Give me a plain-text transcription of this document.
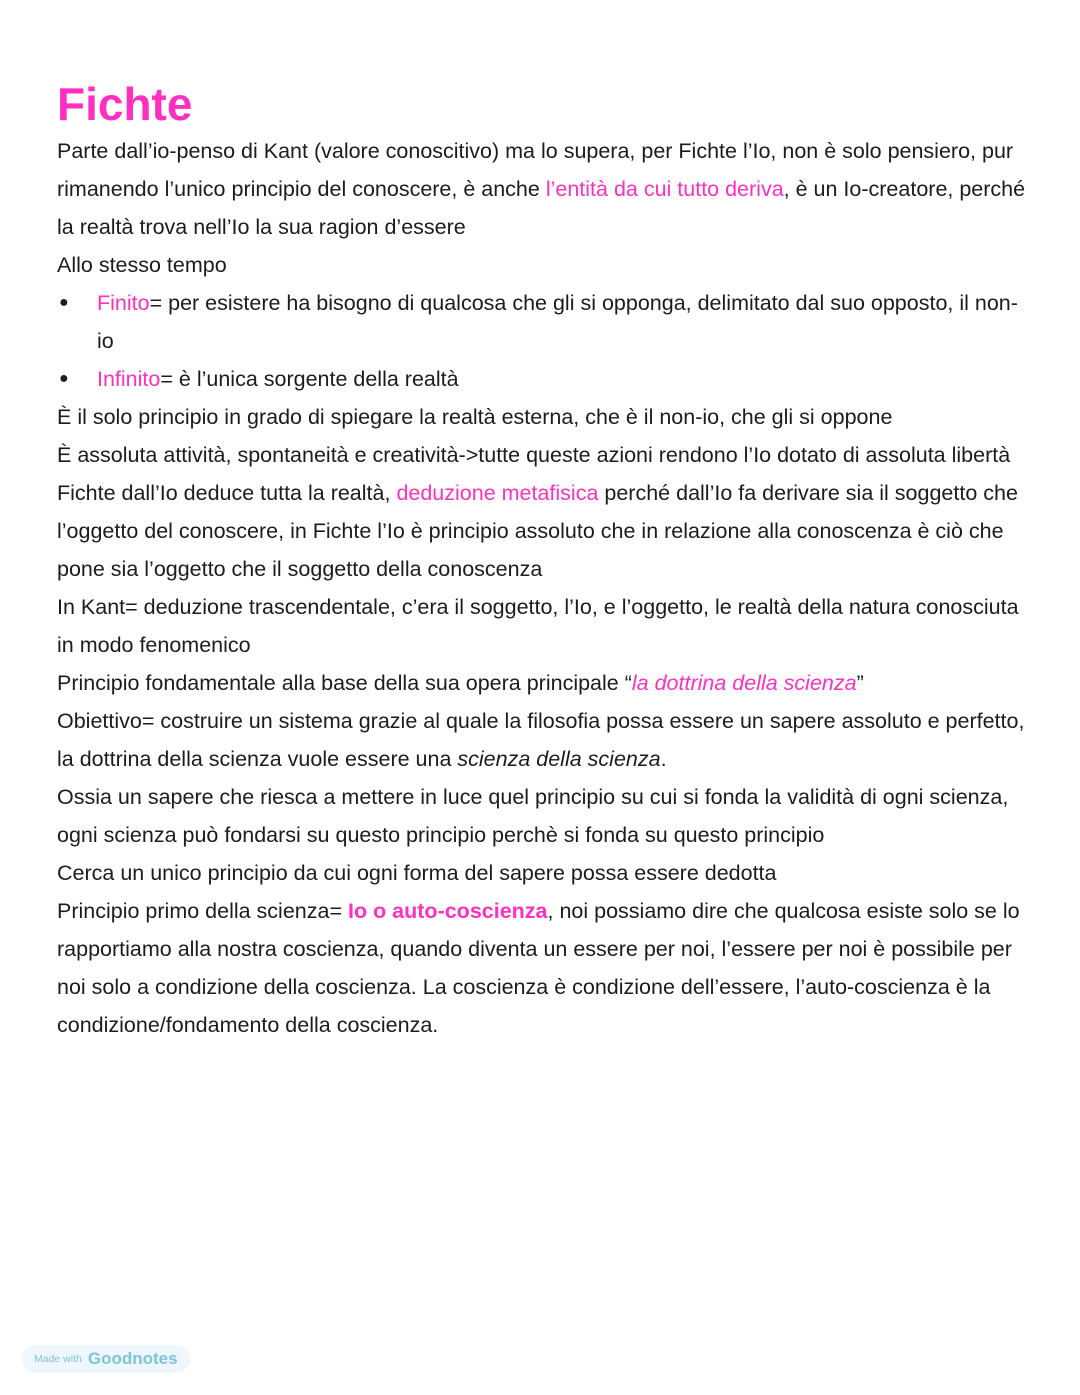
Fichte

Parte dall’io-penso di Kant (valore conoscitivo) ma lo supera, per Fichte l’Io, non è solo pensiero, pur rimanendo l’unico principio del conoscere, è anche l’entità da cui tutto deriva, è un Io-creatore, perché la realtà trova nell’Io la sua ragion d’essere

Allo stesso tempo

● Finito= per esistere ha bisogno di qualcosa che gli si opponga, delimitato dal suo opposto, il non-io
● Infinito= è l’unica sorgente della realtà

È il solo principio in grado di spiegare la realtà esterna, che è il non-io, che gli si oppone

È assoluta attività, spontaneità e creatività->tutte queste azioni rendono l’Io dotato di assoluta libertà

Fichte dall’Io deduce tutta la realtà, deduzione metafisica perché dall’Io fa derivare sia il soggetto che l’oggetto del conoscere, in Fichte l’Io è principio assoluto che in relazione alla conoscenza è ciò che pone sia l’oggetto che il soggetto della conoscenza

In Kant= deduzione trascendentale, c’era il soggetto, l’Io, e l’oggetto, le realtà della natura conosciuta in modo fenomenico

Principio fondamentale alla base della sua opera principale “la dottrina della scienza”

Obiettivo= costruire un sistema grazie al quale la filosofia possa essere un sapere assoluto e perfetto, la dottrina della scienza vuole essere una scienza della scienza.

Ossia un sapere che riesca a mettere in luce quel principio su cui si fonda la validità di ogni scienza, ogni scienza può fondarsi su questo principio perchè si fonda su questo principio

Cerca un unico principio da cui ogni forma del sapere possa essere dedotta

Principio primo della scienza= Io o auto-coscienza, noi possiamo dire che qualcosa esiste solo se lo rapportiamo alla nostra coscienza, quando diventa un essere per noi, l’essere per noi è possibile per noi solo a condizione della coscienza. La coscienza è condizione dell’essere, l’auto-coscienza è la condizione/fondamento della coscienza.

Made with Goodnotes
